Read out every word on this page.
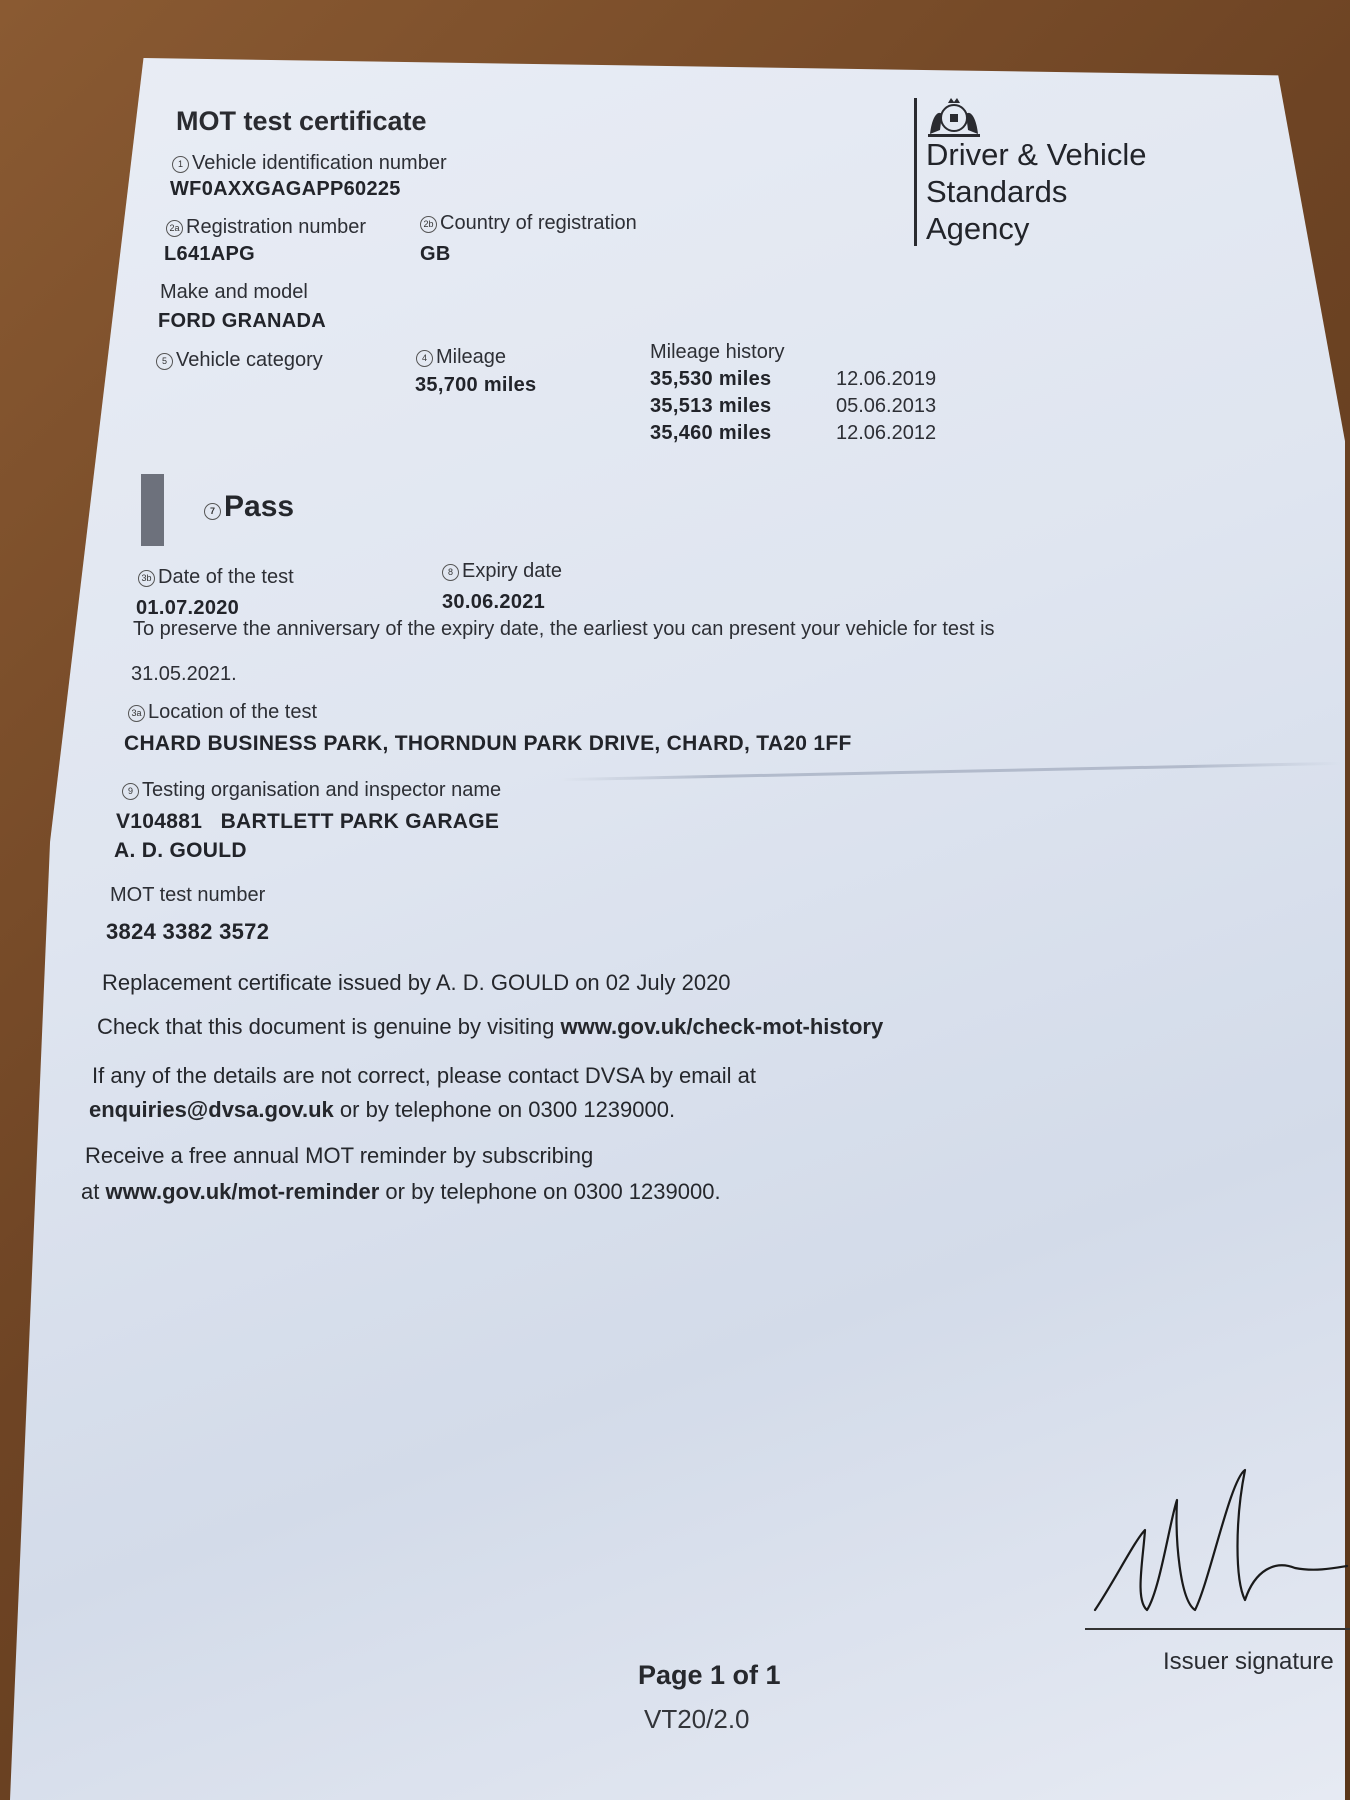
MOT test certificate
Driver & Vehicle
Standards
Agency
1 Vehicle identification number
WF0AXXGAGAPP60225
2a Registration number
L641APG
2b Country of registration
GB
Make and model
FORD GRANADA
5 Vehicle category	4 Mileage
35,700 miles
Mileage history
35,530 miles	12.06.2019
35,513 miles	05.06.2013
35,460 miles	12.06.2012
7 Pass
3b Date of the test
01.07.2020
8 Expiry date
30.06.2021
To preserve the anniversary of the expiry date, the earliest you can present your vehicle for test is
31.05.2021.
3a Location of the test
CHARD BUSINESS PARK, THORNDUN PARK DRIVE, CHARD, TA20 1FF
9 Testing organisation and inspector name
V104881   BARTLETT PARK GARAGE
A. D. GOULD
MOT test number
3824 3382 3572
Replacement certificate issued by A. D. GOULD on 02 July 2020
Check that this document is genuine by visiting www.gov.uk/check-mot-history
If any of the details are not correct, please contact DVSA by email at
enquiries@dvsa.gov.uk or by telephone on 0300 1239000.
Receive a free annual MOT reminder by subscribing
at www.gov.uk/mot-reminder or by telephone on 0300 1239000.
Issuer signature
Page 1 of 1
VT20/2.0
